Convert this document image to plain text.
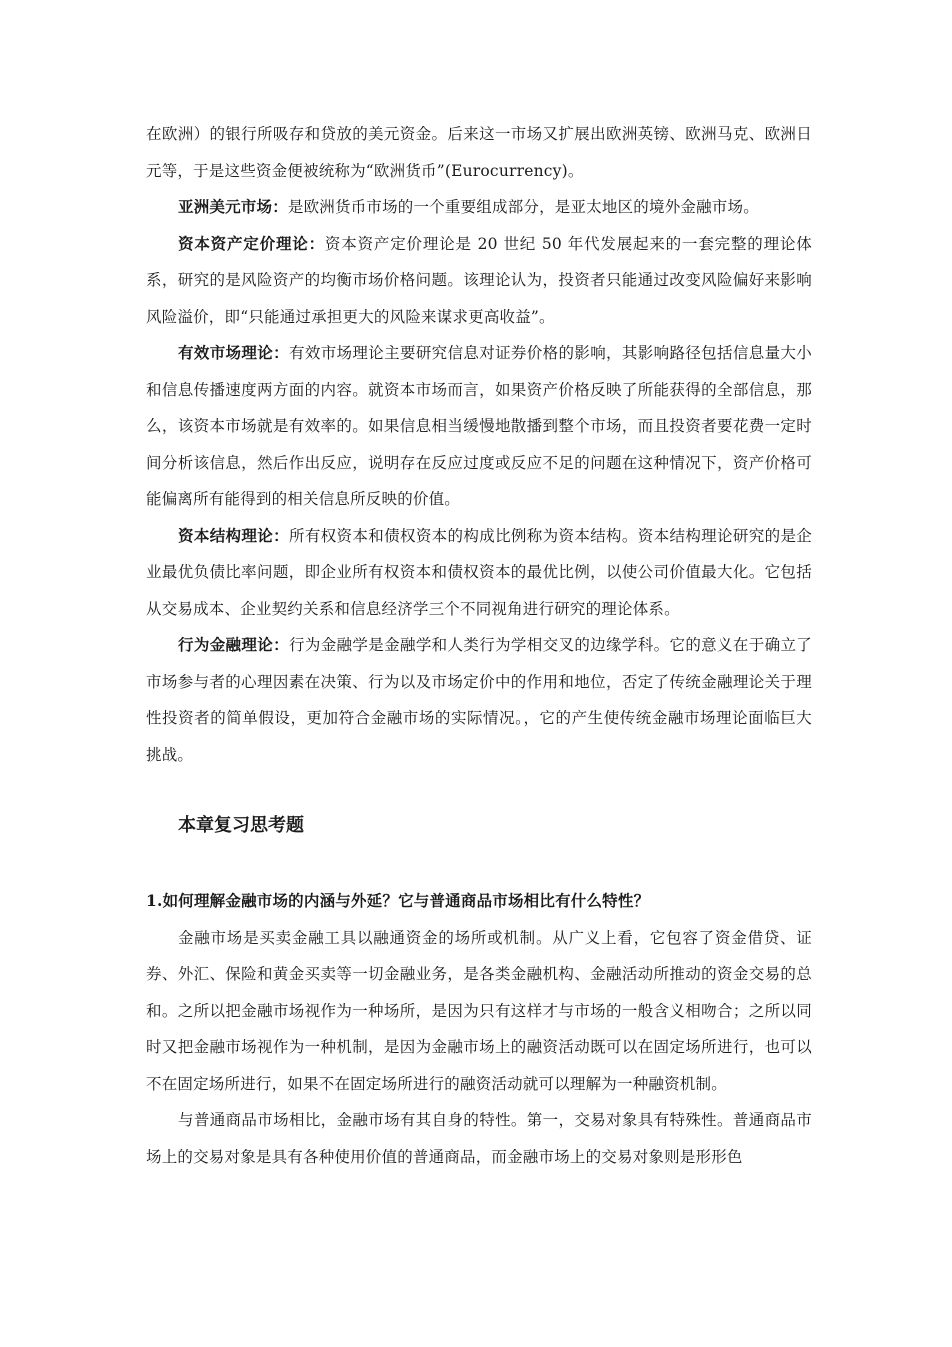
在欧洲）的银行所吸存和贷放的美元资金。后来这一市场又扩展出欧洲英镑、欧洲马克、欧洲日元等，于是这些资金便被统称为“欧洲货币”(Eurocurrency)。

亚洲美元市场：是欧洲货币市场的一个重要组成部分，是亚太地区的境外金融市场。

资本资产定价理论：资本资产定价理论是 20 世纪 50 年代发展起来的一套完整的理论体系，研究的是风险资产的均衡市场价格问题。该理论认为，投资者只能通过改变风险偏好来影响风险溢价，即“只能通过承担更大的风险来谋求更高收益”。

有效市场理论：有效市场理论主要研究信息对证券价格的影响，其影响路径包括信息量大小和信息传播速度两方面的内容。就资本市场而言，如果资产价格反映了所能获得的全部信息，那么，该资本市场就是有效率的。如果信息相当缓慢地散播到整个市场，而且投资者要花费一定时间分析该信息，然后作出反应，说明存在反应过度或反应不足的问题在这种情况下，资产价格可能偏离所有能得到的相关信息所反映的价值。

资本结构理论：所有权资本和债权资本的构成比例称为资本结构。资本结构理论研究的是企业最优负债比率问题，即企业所有权资本和债权资本的最优比例，以使公司价值最大化。它包括从交易成本、企业契约关系和信息经济学三个不同视角进行研究的理论体系。

行为金融理论：行为金融学是金融学和人类行为学相交叉的边缘学科。它的意义在于确立了市场参与者的心理因素在决策、行为以及市场定价中的作用和地位，否定了传统金融理论关于理性投资者的简单假设，更加符合金融市场的实际情况。，它的产生使传统金融市场理论面临巨大挑战。

本章复习思考题

1.如何理解金融市场的内涵与外延？它与普通商品市场相比有什么特性？

金融市场是买卖金融工具以融通资金的场所或机制。从广义上看，它包容了资金借贷、证券、外汇、保险和黄金买卖等一切金融业务，是各类金融机构、金融活动所推动的资金交易的总和。之所以把金融市场视作为一种场所，是因为只有这样才与市场的一般含义相吻合；之所以同时又把金融市场视作为一种机制，是因为金融市场上的融资活动既可以在固定场所进行，也可以不在固定场所进行，如果不在固定场所进行的融资活动就可以理解为一种融资机制。

与普通商品市场相比，金融市场有其自身的特性。第一，交易对象具有特殊性。普通商品市场上的交易对象是具有各种使用价值的普通商品，而金融市场上的交易对象则是形形色
